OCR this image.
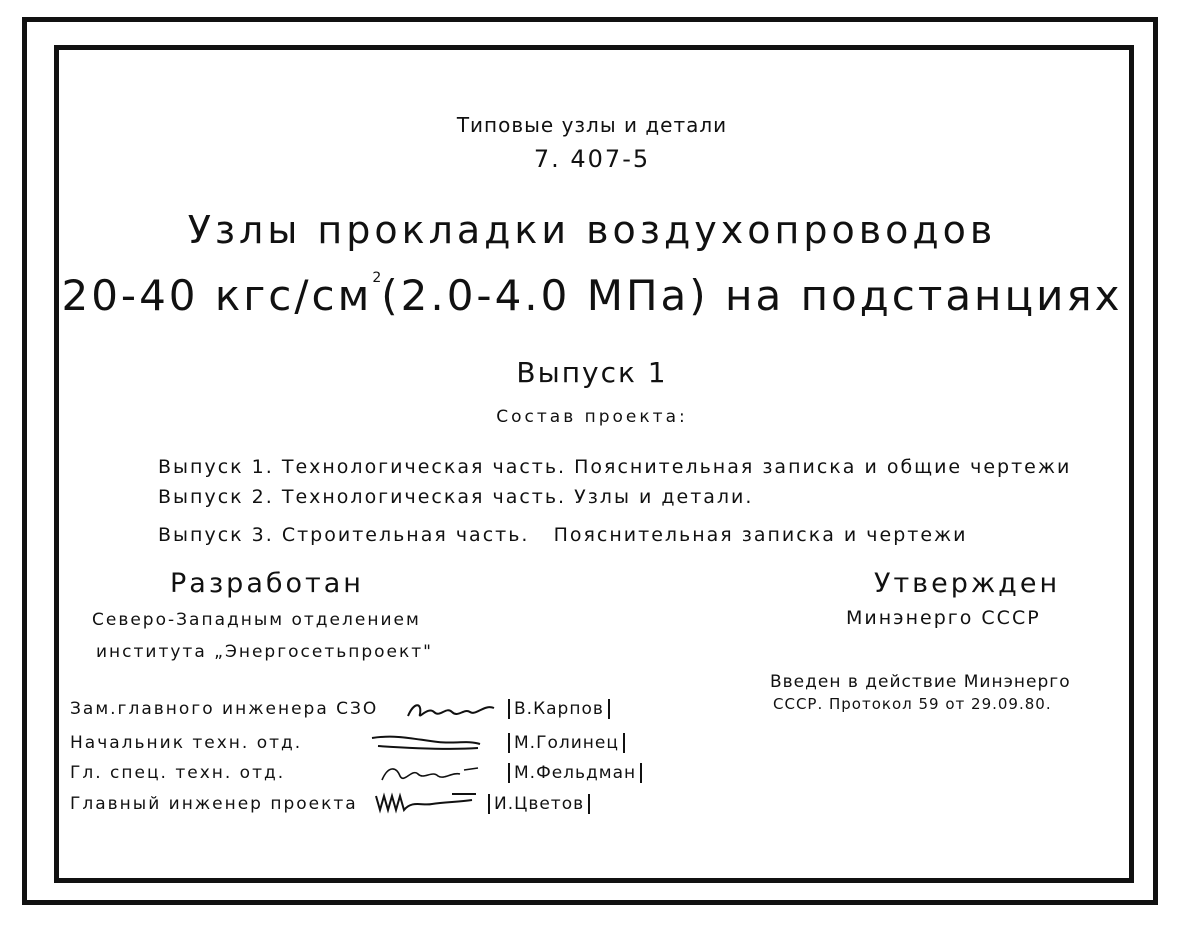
Типовые узлы и детали
7. 407-5
Узлы прокладки воздухопроводов
20-40 кгс/$см^2(2.0-4.0$ МПа) на подстанциях
Выпуск 1
Состав проекта:
Выпуск 1. Технологическая часть. Пояснительная записка и общие чертежи
Выпуск 2. Технологическая часть. Узлы и детали.
Выпуск 3. Строительная часть.   Пояснительная записка и чертежи
Разработан
Северо-Западным отделением
института „Энергосетьпроект"
Утвержден
Минэнерго СССР
Введен в действие Минэнерго
СССР. Протокол 59 от 29.09.80.
Зам.главного инженера СЗО
Начальник техн. отд.
Гл. спец. техн. отд.
Главный инженер проекта
В.Карпов
М.Голинец
М.Фельдман
И.Цветов
